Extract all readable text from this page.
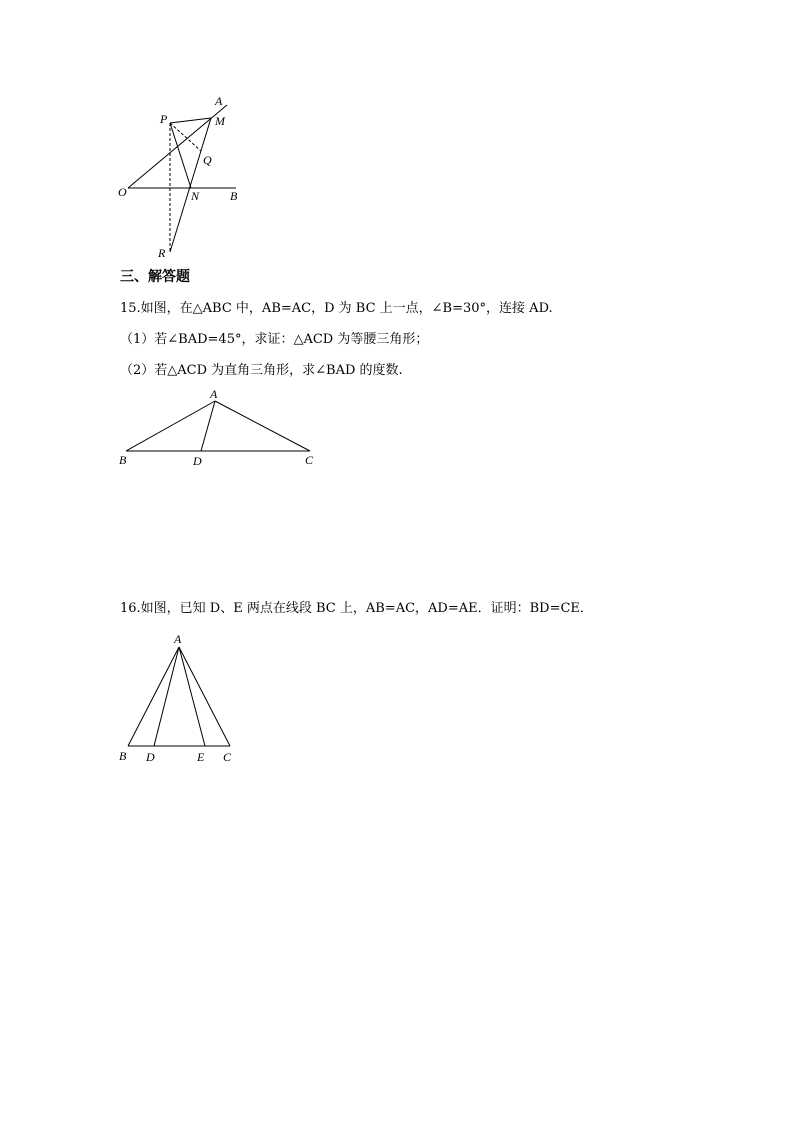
A
P	M
Q
O	N	B
R
三、解答题
15.如图，在△ABC 中，AB=AC，D 为 BC 上一点，∠B=30°，连接 AD.
（1）若∠BAD=45°，求证：△ACD 为等腰三角形；
（2）若△ACD 为直角三角形，求∠BAD 的度数.
A
B	D	C
16.如图，已知 D、E 两点在线段 BC 上，AB=AC，AD=AE．证明：BD=CE．
A
B D	E C
